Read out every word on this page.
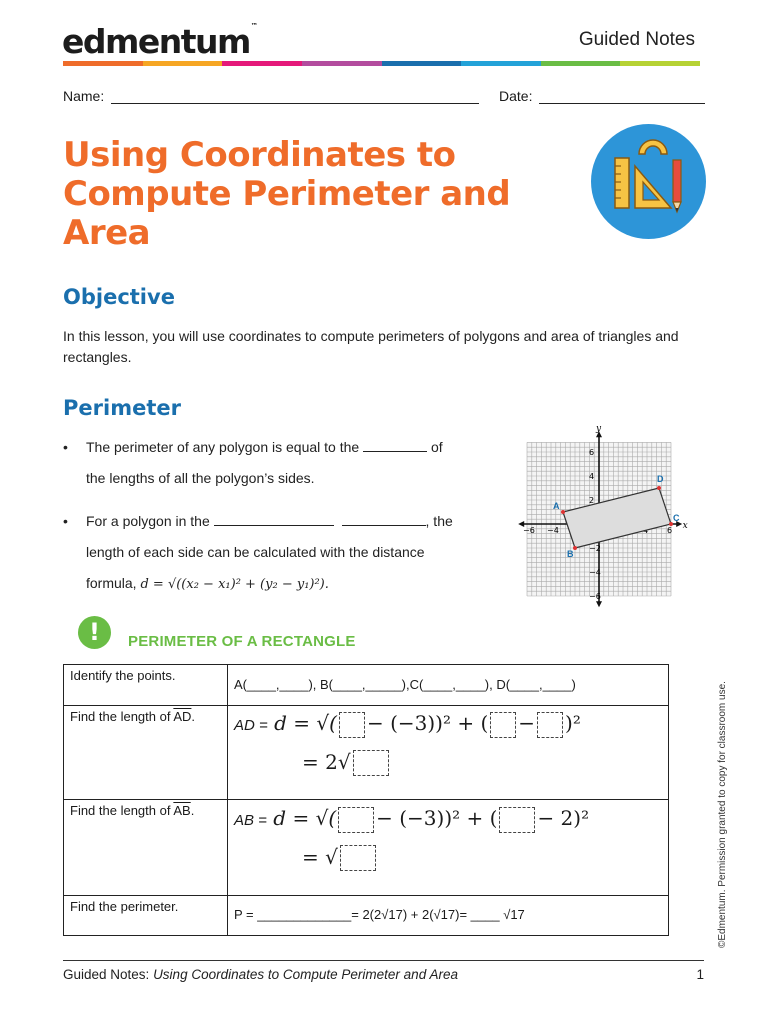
edmentum™
Guided Notes
Name:	Date:
Using Coordinates to
Compute Perimeter and
Area
Objective
In this lesson, you will use coordinates to compute perimeters of polygons and area of triangles and rectangles.
Perimeter
• The perimeter of any polygon is equal to the	of
the lengths of all the polygon’s sides.
• For a polygon in the	, the
length of each side can be calculated with the distance
formula, d = √((x₂ − x₁)² + (y₂ − y₁)²).
x
y
−6 −4	6
6
4
2
−2
−4
−6
A
B
C
D
!	PERIMETER OF A RECTANGLE
Identify the points.	A(____,____), B(____,_____),C(____,____), D(____,____)
Find the length of $\overline{AD}$.	AD = d = √( − (−3))² + ( − )²
= 2√

Find the length of $\overline{AB}$.	AB = d = √( − (−3))² + ( − 2)²
= √

Find the perimeter.	P = _____________= 2(2√17) + 2(√17)= ____ √17	©Edmentum. Permission granted to copy for classroom use.
Guided Notes: Using Coordinates to Compute Perimeter and Area	1
